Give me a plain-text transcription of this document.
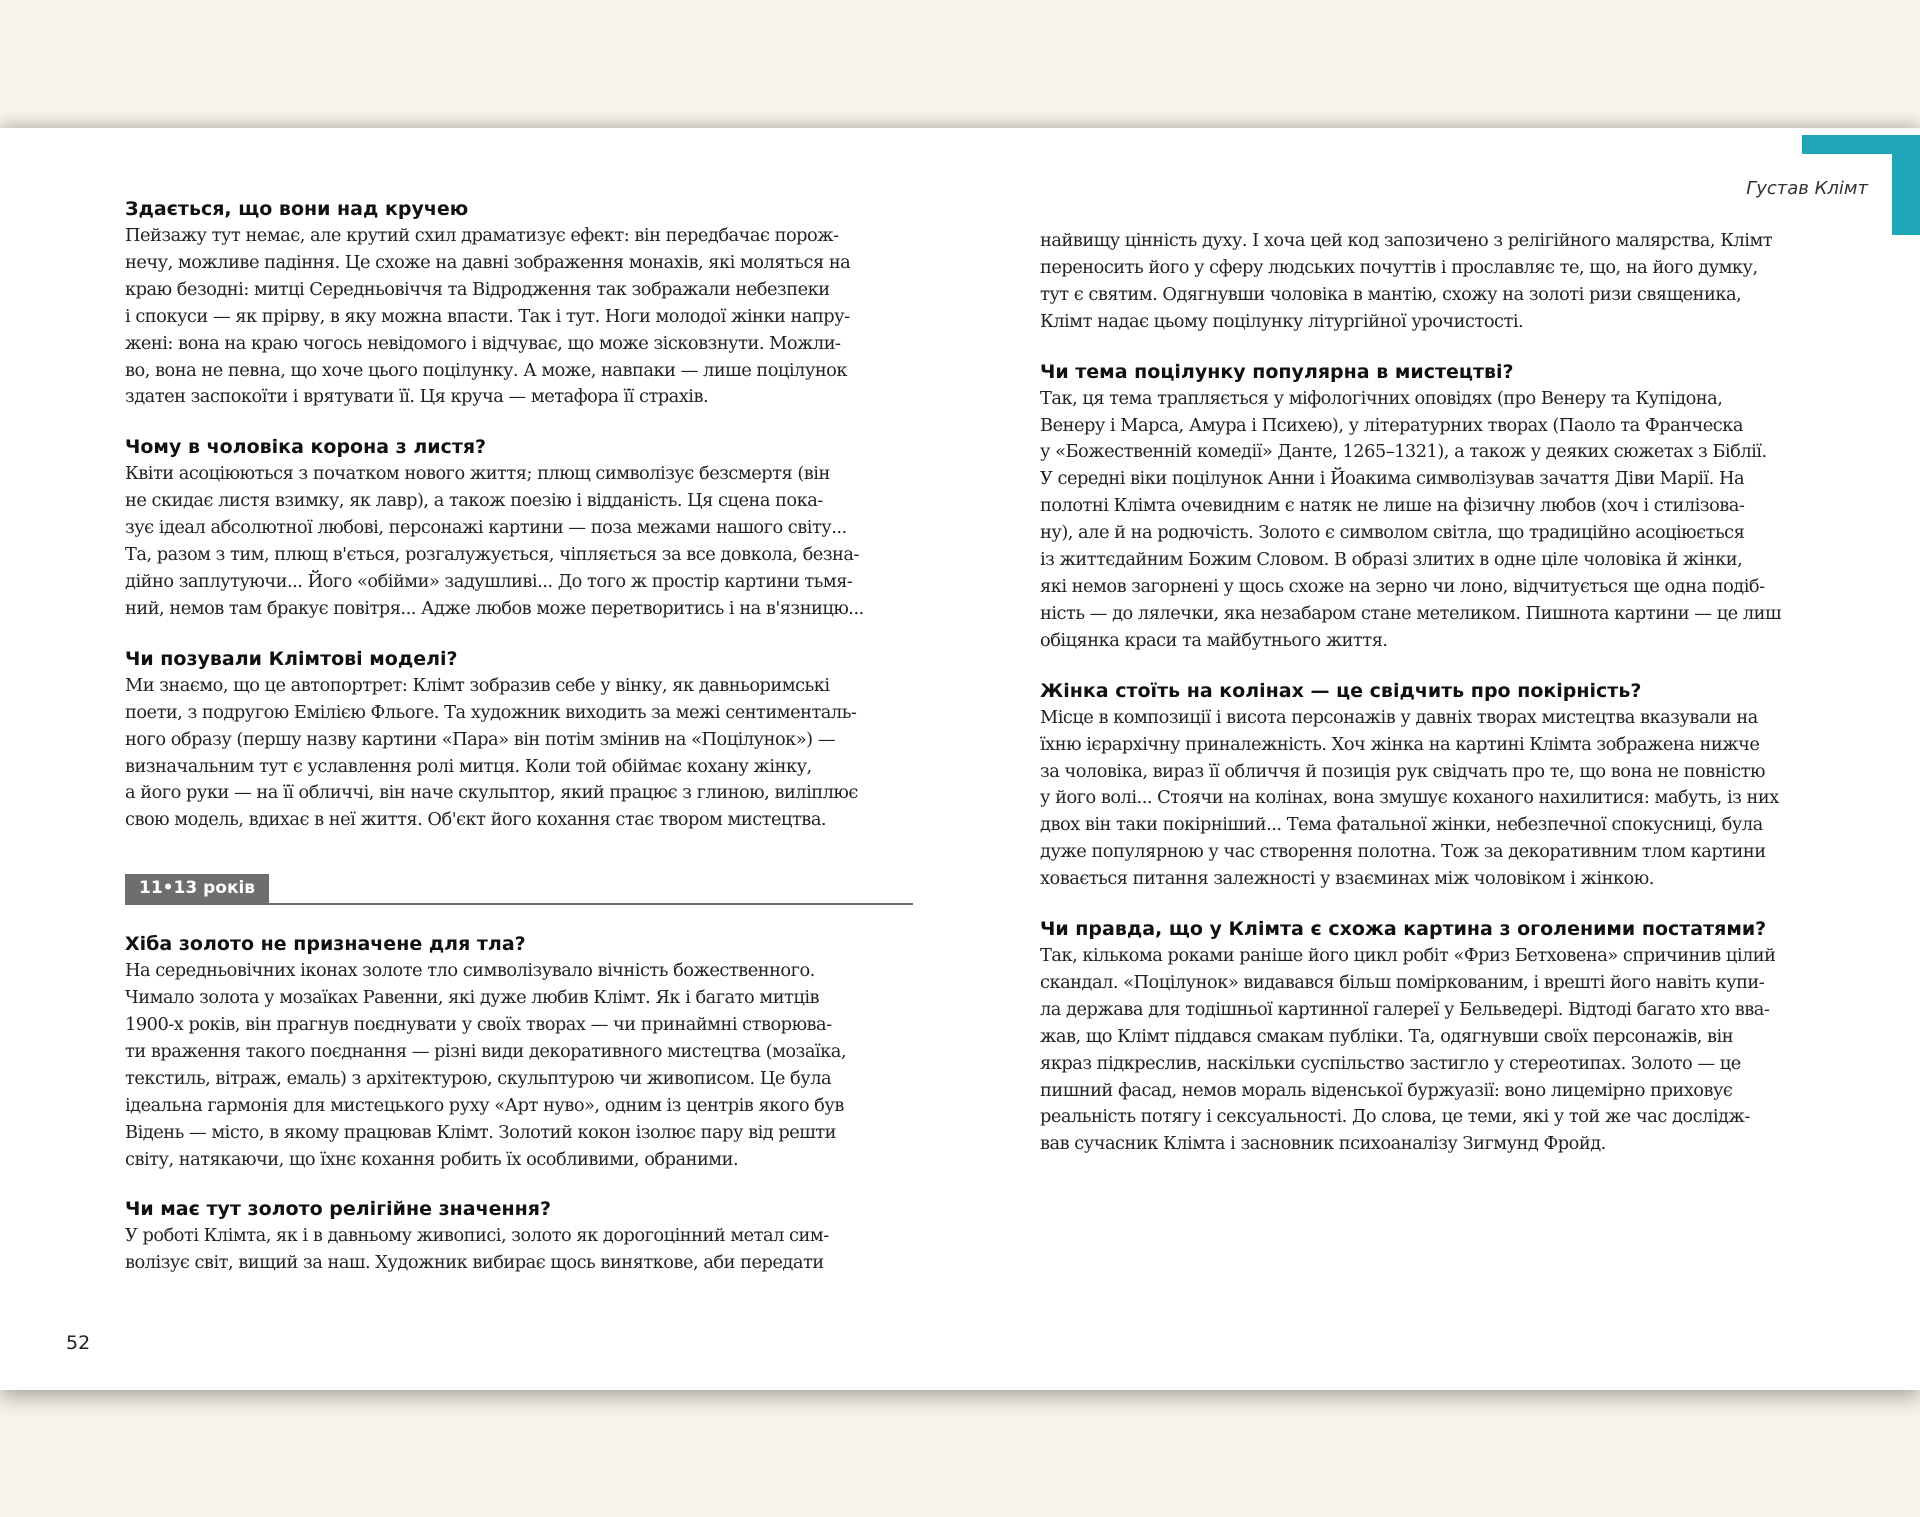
Густав Клімт
Здається, що вони над кручею

Пейзажу тут немає, але крутий схил драматизує ефект: він передбачає порож-
нечу, можливе падіння. Це схоже на давні зображення монахів, які моляться на
краю безодні: митці Середньовіччя та Відродження так зображали небезпеки
і спокуси — як прірву, в яку можна впасти. Так і тут. Ноги молодої жінки напру-
жені: вона на краю чогось невідомого і відчуває, що може зісковзнути. Можли-
во, вона не певна, що хоче цього поцілунку. А може, навпаки — лише поцілунок
здатен заспокоїти і врятувати її. Ця круча — метафора її страхів.

Чому в чоловіка корона з листя?

Квіти асоціюються з початком нового життя; плющ символізує безсмертя (він
не скидає листя взимку, як лавр), а також поезію і відданість. Ця сцена пока-
зує ідеал абсолютної любові, персонажі картини — поза межами нашого світу...
Та, разом з тим, плющ в'ється, розгалужується, чіпляється за все довкола, безна-
дійно заплутуючи... Його «обійми» задушливі... До того ж простір картини тьмя-
ний, немов там бракує повітря... Адже любов може перетворитись і на в'язницю...

Чи позували Клімтові моделі?

Ми знаємо, що це автопортрет: Клімт зобразив себе у вінку, як давньоримські
поети, з подругою Емілією Фльоге. Та художник виходить за межі сентименталь-
ного образу (першу назву картини «Пара» він потім змінив на «Поцілунок») —
визначальним тут є уславлення ролі митця. Коли той обіймає кохану жінку,
а його руки — на її обличчі, він наче скульптор, який працює з глиною, виліплює
свою модель, вдихає в неї життя. Об'єкт його кохання стає твором мистецтва.

11•13 років
Хіба золото не призначене для тла?

На середньовічних іконах золоте тло символізувало вічність божественного.
Чимало золота у мозаїках Равенни, які дуже любив Клімт. Як і багато митців
1900-х років, він прагнув поєднувати у своїх творах — чи принаймні створюва-
ти враження такого поєднання — різні види декоративного мистецтва (мозаїка,
текстиль, вітраж, емаль) з архітектурою, скульптурою чи живописом. Це була
ідеальна гармонія для мистецького руху «Арт нуво», одним із центрів якого був
Відень — місто, в якому працював Клімт. Золотий кокон ізолює пару від решти
світу, натякаючи, що їхнє кохання робить їх особливими, обраними.

Чи має тут золото релігійне значення?

У роботі Клімта, як і в давньому живописі, золото як дорогоцінний метал сим-
волізує світ, вищий за наш. Художник вибирає щось виняткове, аби передати

найвищу цінність духу. І хоча цей код запозичено з релігійного малярства, Клімт
переносить його у сферу людських почуттів і прославляє те, що, на його думку,
тут є святим. Одягнувши чоловіка в мантію, схожу на золоті ризи священика,
Клімт надає цьому поцілунку літургійної урочистості.

Чи тема поцілунку популярна в мистецтві?

Так, ця тема трапляється у міфологічних оповідях (про Венеру та Купідона,
Венеру і Марса, Амура і Психею), у літературних творах (Паоло та Франческа
у «Божественній комедії» Данте, 1265–1321), а також у деяких сюжетах з Біблії.
У середні віки поцілунок Анни і Йоакима символізував зачаття Діви Марії. На
полотні Клімта очевидним є натяк не лише на фізичну любов (хоч і стилізова-
ну), але й на родючість. Золото є символом світла, що традиційно асоціюється
із життєдайним Божим Словом. В образі злитих в одне ціле чоловіка й жінки,
які немов загорнені у щось схоже на зерно чи лоно, відчитується ще одна подіб-
ність — до лялечки, яка незабаром стане метеликом. Пишнота картини — це лиш
обіцянка краси та майбутнього життя.

Жінка стоїть на колінах — це свідчить про покірність?

Місце в композиції і висота персонажів у давніх творах мистецтва вказували на
їхню ієрархічну приналежність. Хоч жінка на картині Клімта зображена нижче
за чоловіка, вираз її обличчя й позиція рук свідчать про те, що вона не повністю
у його волі... Стоячи на колінах, вона змушує коханого нахилитися: мабуть, із них
двох він таки покірніший... Тема фатальної жінки, небезпечної спокусниці, була
дуже популярною у час створення полотна. Тож за декоративним тлом картини
ховається питання залежності у взаєминах між чоловіком і жінкою.

Чи правда, що у Клімта є схожа картина з оголеними постатями?

Так, кількома роками раніше його цикл робіт «Фриз Бетховена» спричинив цілий
скандал. «Поцілунок» видавався більш поміркованим, і врешті його навіть купи-
ла держава для тодішньої картинної галереї у Бельведері. Відтоді багато хто вва-
жав, що Клімт піддався смакам публіки. Та, одягнувши своїх персонажів, він
якраз підкреслив, наскільки суспільство застигло у стереотипах. Золото — це
пишний фасад, немов мораль віденської буржуазії: воно лицемірно приховує
реальність потягу і сексуальності. До слова, це теми, які у той же час дослідж-
вав сучасник Клімта і засновник психоаналізу Зигмунд Фройд.

52
